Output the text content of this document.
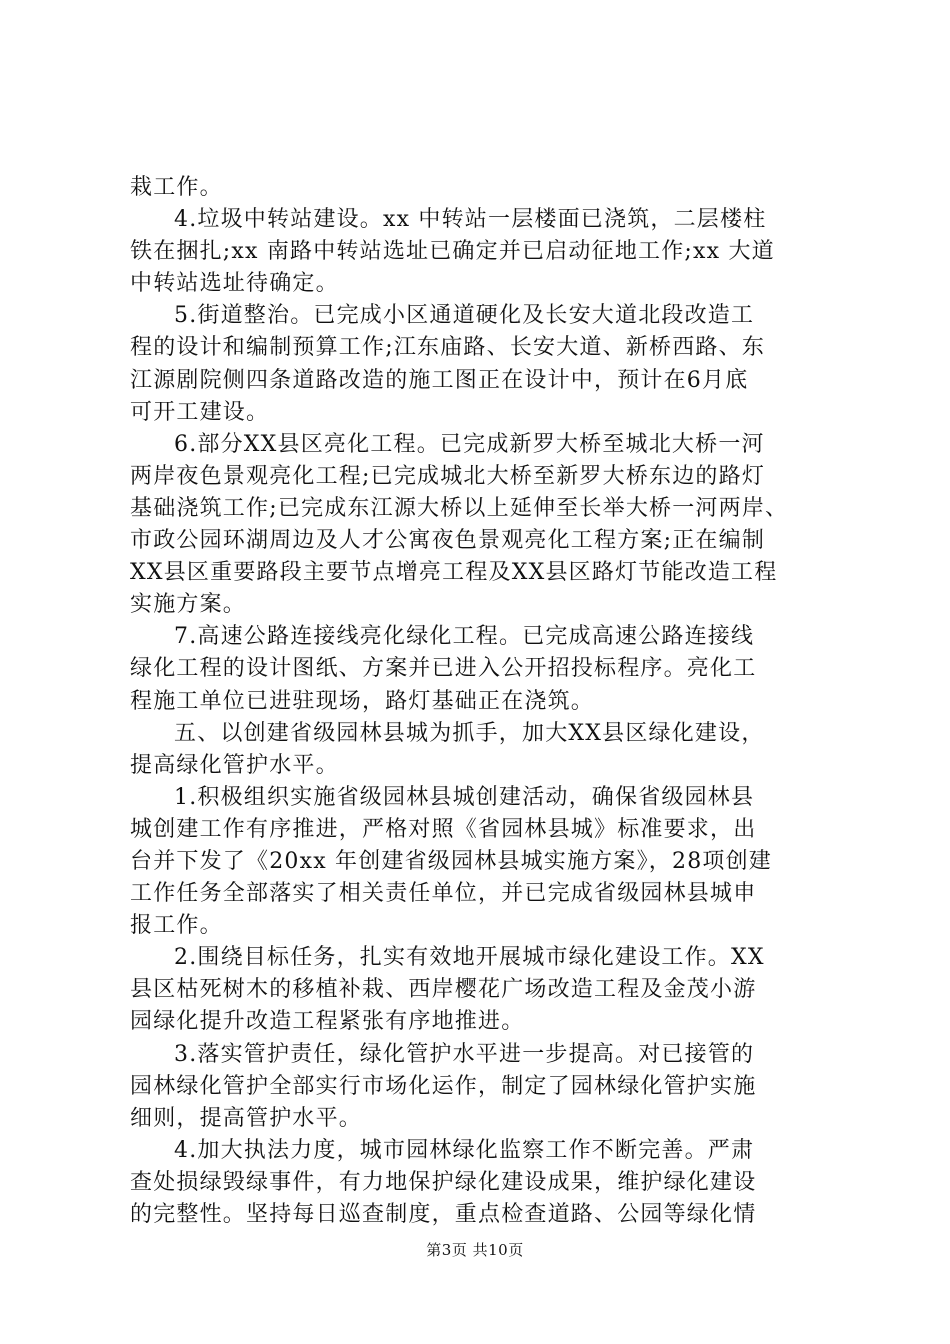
栽工作。
4.垃圾中转站建设。xx 中转站一层楼面已浇筑，二层楼柱
铁在捆扎;xx 南路中转站选址已确定并已启动征地工作;xx 大道
中转站选址待确定。
5.街道整治。已完成小区通道硬化及长安大道北段改造工
程的设计和编制预算工作;江东庙路、长安大道、新桥西路、东
江源剧院侧四条道路改造的施工图正在设计中，预计在6月底
可开工建设。
6.部分XX县区亮化工程。已完成新罗大桥至城北大桥一河
两岸夜色景观亮化工程;已完成城北大桥至新罗大桥东边的路灯
基础浇筑工作;已完成东江源大桥以上延伸至长举大桥一河两岸、
市政公园环湖周边及人才公寓夜色景观亮化工程方案;正在编制
XX县区重要路段主要节点增亮工程及XX县区路灯节能改造工程
实施方案。
7.高速公路连接线亮化绿化工程。已完成高速公路连接线
绿化工程的设计图纸、方案并已进入公开招投标程序。亮化工
程施工单位已进驻现场，路灯基础正在浇筑。
五、以创建省级园林县城为抓手，加大XX县区绿化建设，
提高绿化管护水平。
1.积极组织实施省级园林县城创建活动，确保省级园林县
城创建工作有序推进，严格对照《省园林县城》标准要求，出
台并下发了《20xx 年创建省级园林县城实施方案》，28项创建
工作任务全部落实了相关责任单位，并已完成省级园林县城申
报工作。
2.围绕目标任务，扎实有效地开展城市绿化建设工作。XX
县区枯死树木的移植补栽、西岸樱花广场改造工程及金茂小游
园绿化提升改造工程紧张有序地推进。
3.落实管护责任，绿化管护水平进一步提高。对已接管的
园林绿化管护全部实行市场化运作，制定了园林绿化管护实施
细则，提高管护水平。
4.加大执法力度，城市园林绿化监察工作不断完善。严肃
查处损绿毁绿事件，有力地保护绿化建设成果，维护绿化建设
的完整性。坚持每日巡查制度，重点检查道路、公园等绿化情

第3页 共10页
